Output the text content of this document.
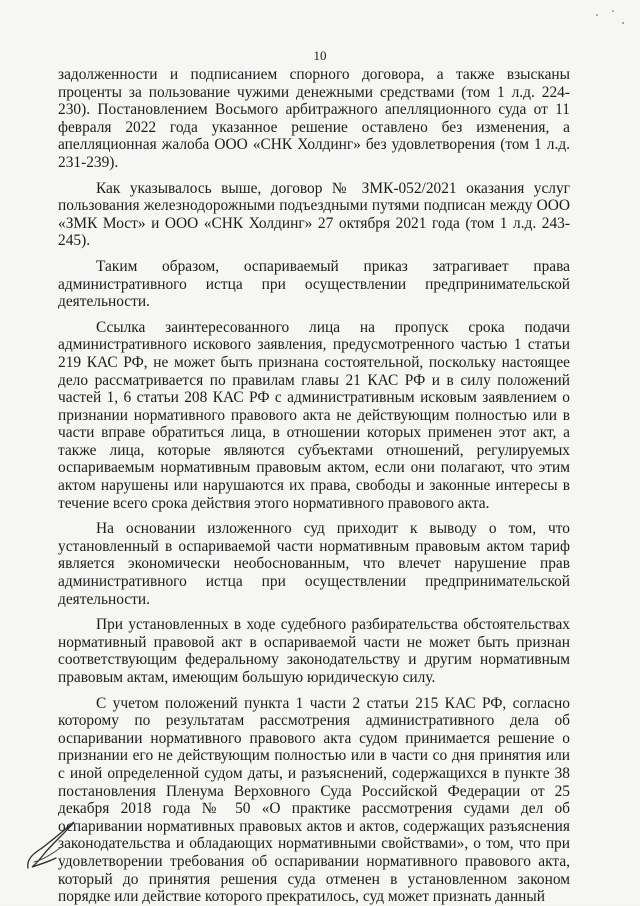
10

задолженности и подписанием спорного договора, а также взысканы проценты за пользование чужими денежными средствами (том 1 л.д. 224-230). Постановлением Восьмого арбитражного апелляционного суда от 11 февраля 2022 года указанное решение оставлено без изменения, а апелляционная жалоба ООО «СНК Холдинг» без удовлетворения (том 1 л.д. 231-239).

Как указывалось выше, договор № ЗМК-052/2021 оказания услуг пользования железнодорожными подъездными путями подписан между ООО «ЗМК Мост» и ООО «СНК Холдинг» 27 октября 2021 года (том 1 л.д. 243-245).

Таким образом, оспариваемый приказ затрагивает права административного истца при осуществлении предпринимательской деятельности.

Ссылка заинтересованного лица на пропуск срока подачи административного искового заявления, предусмотренного частью 1 статьи 219 КАС РФ, не может быть признана состоятельной, поскольку настоящее дело рассматривается по правилам главы 21 КАС РФ и в силу положений частей 1, 6 статьи 208 КАС РФ с административным исковым заявлением о признании нормативного правового акта не действующим полностью или в части вправе обратиться лица, в отношении которых применен этот акт, а также лица, которые являются субъектами отношений, регулируемых оспариваемым нормативным правовым актом, если они полагают, что этим актом нарушены или нарушаются их права, свободы и законные интересы в течение всего срока действия этого нормативного правового акта.

На основании изложенного суд приходит к выводу о том, что установленный в оспариваемой части нормативным правовым актом тариф является экономически необоснованным, что влечет нарушение прав административного истца при осуществлении предпринимательской деятельности.

При установленных в ходе судебного разбирательства обстоятельствах нормативный правовой акт в оспариваемой части не может быть признан соответствующим федеральному законодательству и другим нормативным правовым актам, имеющим большую юридическую силу.

С учетом положений пункта 1 части 2 статьи 215 КАС РФ, согласно которому по результатам рассмотрения административного дела об оспаривании нормативного правового акта судом принимается решение о признании его не действующим полностью или в части со дня принятия или с иной определенной судом даты, и разъяснений, содержащихся в пункте 38 постановления Пленума Верховного Суда Российской Федерации от 25 декабря 2018 года № 50 «О практике рассмотрения судами дел об оспаривании нормативных правовых актов и актов, содержащих разъяснения законодательства и обладающих нормативными свойствами», о том, что при удовлетворении требования об оспаривании нормативного правового акта, который до принятия решения суда отменен в установленном законом порядке или действие которого прекратилось, суд может признать данный
